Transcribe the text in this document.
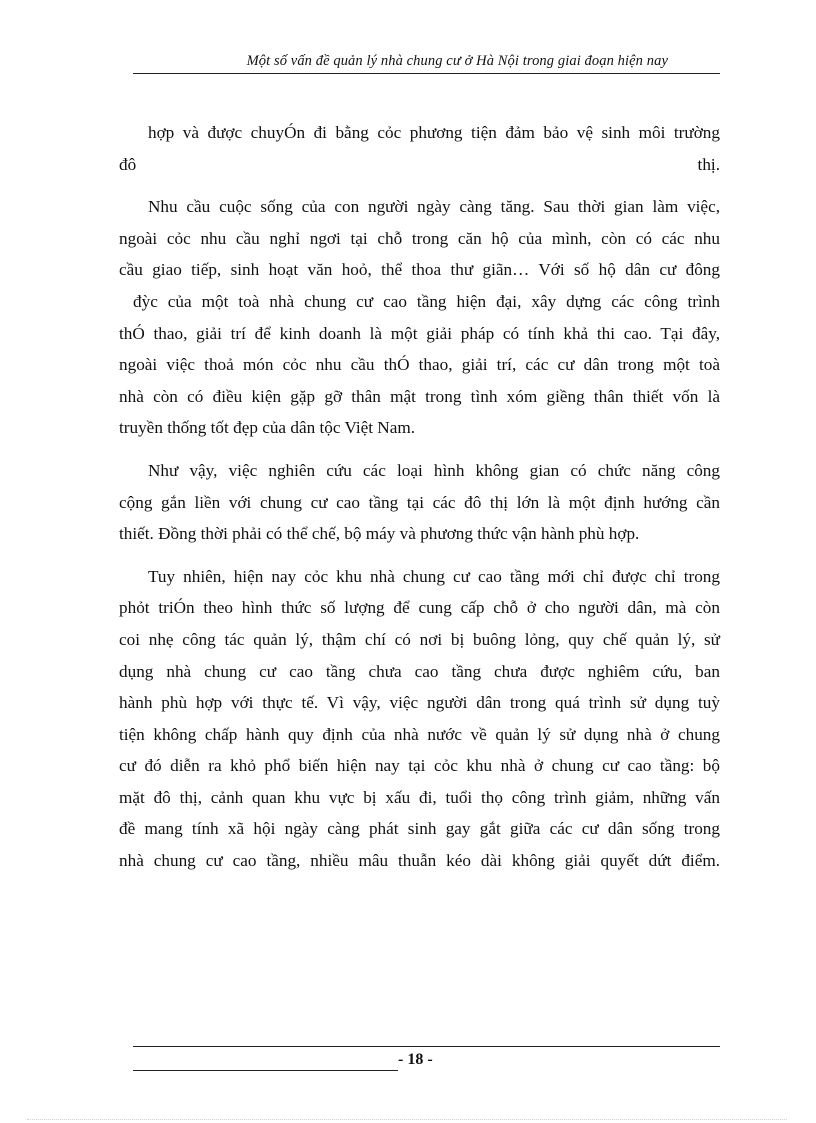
Một số vấn đề quản lý nhà chung cư ở Hà Nội trong giai đoạn hiện nay
hợp và được chuyÓn đi bằng cỏc phương tiện đảm bảo vệ sinh môi trường
đô thị.
Nhu cầu cuộc sống của con người ngày càng tăng. Sau thời gian làm việc,
ngoài cỏc nhu cầu nghỉ ngơi tại chỗ trong căn hộ của mình, còn có các nhu
cầu giao tiếp, sinh hoạt văn hoỏ, thể thoa thư giãn… Với số hộ dân cư đông
đỳc của một toà nhà chung cư cao tầng hiện đại, xây dựng các công trình
thÓ thao, giải trí để kinh doanh là một giải pháp có tính khả thi cao. Tại đây,
ngoài việc thoả món cỏc nhu cầu thÓ thao, giải trí, các cư dân trong một toà
nhà còn có điều kiện gặp gỡ thân mật trong tình xóm giềng thân thiết vốn là
truyền thống tốt đẹp của dân tộc Việt Nam.
Như vậy, việc nghiên cứu các loại hình không gian có chức năng công
cộng gắn liền với chung cư cao tầng tại các đô thị lớn là một định hướng cần
thiết. Đồng thời phải có thể chế, bộ máy và phương thức vận hành phù hợp.
Tuy nhiên, hiện nay cỏc khu nhà chung cư cao tầng mới chỉ được chỉ trong
phỏt triÓn theo hình thức số lượng để cung cấp chỗ ở cho người dân, mà còn
coi nhẹ công tác quản lý, thậm chí có nơi bị buông lỏng, quy chế quản lý, sử
dụng nhà chung cư cao tầng chưa cao tầng chưa được nghiêm cứu, ban
hành phù hợp với thực tế. Vì vậy, việc người dân trong quá trình sử dụng tuỳ
tiện không chấp hành quy định của nhà nước về quản lý sử dụng nhà ở chung
cư đó diễn ra khỏ phổ biến hiện nay tại cỏc khu nhà ở chung cư cao tầng: bộ
mặt đô thị, cảnh quan khu vực bị xấu đi, tuổi thọ công trình giảm, những vấn
đề mang tính xã hội ngày càng phát sinh gay gắt giữa các cư dân sống trong
nhà chung cư cao tầng, nhiều mâu thuẫn kéo dài không giải quyết dứt điểm.
- 18 -
